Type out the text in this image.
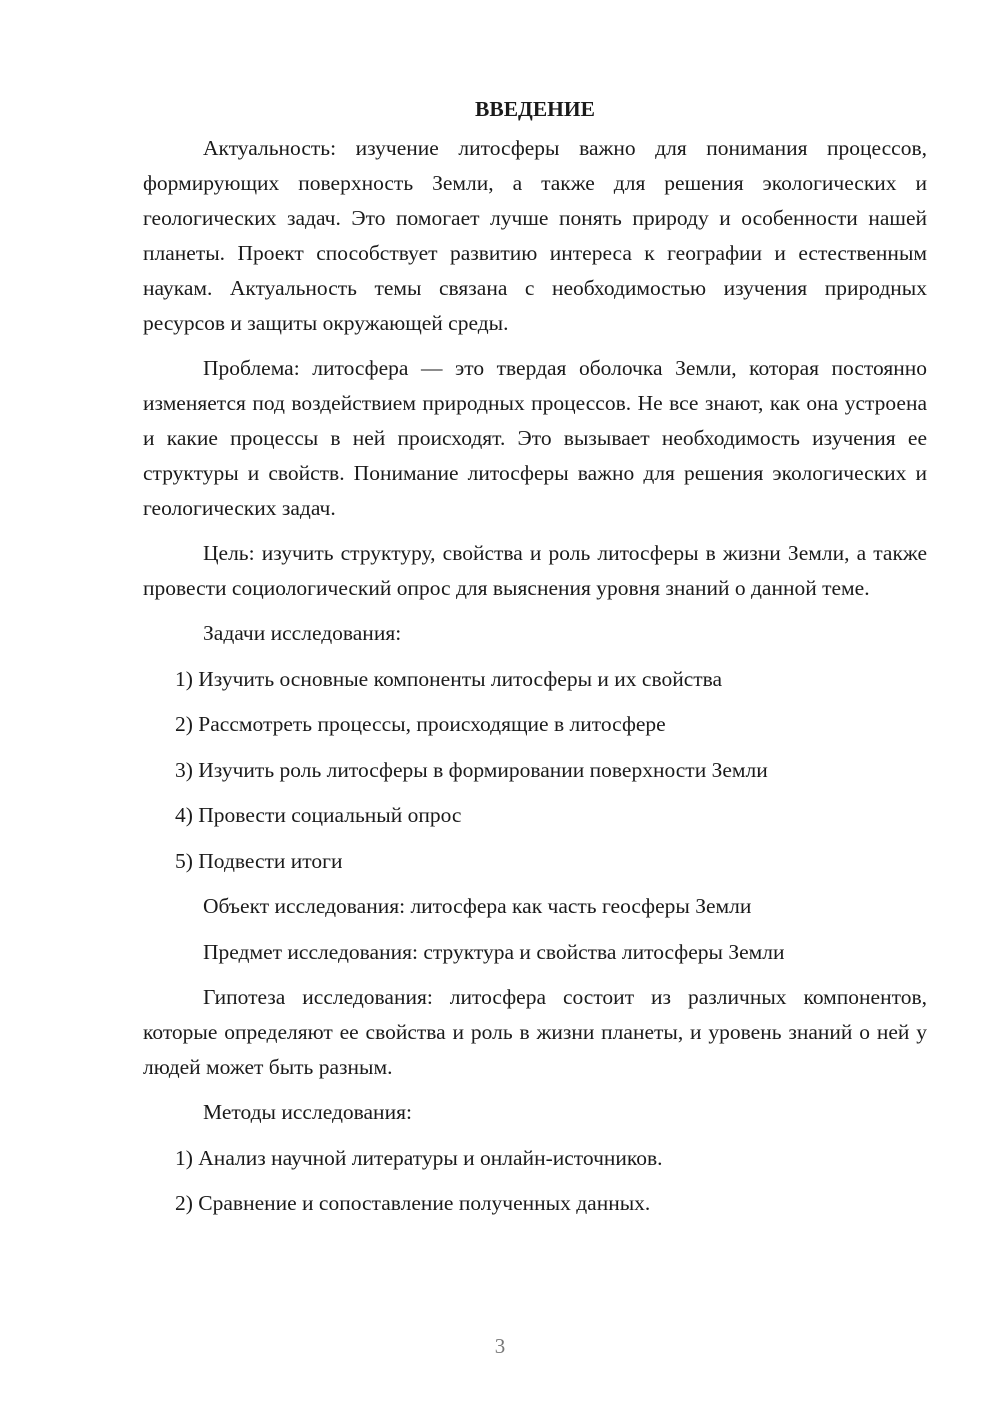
ВВЕДЕНИЕ

Актуальность: изучение литосферы важно для понимания процессов, формирующих поверхность Земли, а также для решения экологических и геологических задач. Это помогает лучше понять природу и особенности нашей планеты. Проект способствует развитию интереса к географии и естественным наукам. Актуальность темы связана с необходимостью изучения природных ресурсов и защиты окружающей среды.

Проблема: литосфера — это твердая оболочка Земли, которая постоянно изменяется под воздействием природных процессов. Не все знают, как она устроена и какие процессы в ней происходят. Это вызывает необходимость изучения ее структуры и свойств. Понимание литосферы важно для решения экологических и геологических задач.

Цель: изучить структуру, свойства и роль литосферы в жизни Земли, а также провести социологический опрос для выяснения уровня знаний о данной теме.

Задачи исследования:
1) Изучить основные компоненты литосферы и их свойства
2) Рассмотреть процессы, происходящие в литосфере
3) Изучить роль литосферы в формировании поверхности Земли
4) Провести социальный опрос
5) Подвести итоги
Объект исследования: литосфера как часть геосферы Земли
Предмет исследования: структура и свойства литосферы Земли

Гипотеза исследования: литосфера состоит из различных компонентов, которые определяют ее свойства и роль в жизни планеты, и уровень знаний о ней у людей может быть разным.

Методы исследования:
1) Анализ научной литературы и онлайн-источников.
2) Сравнение и сопоставление полученных данных.
3
